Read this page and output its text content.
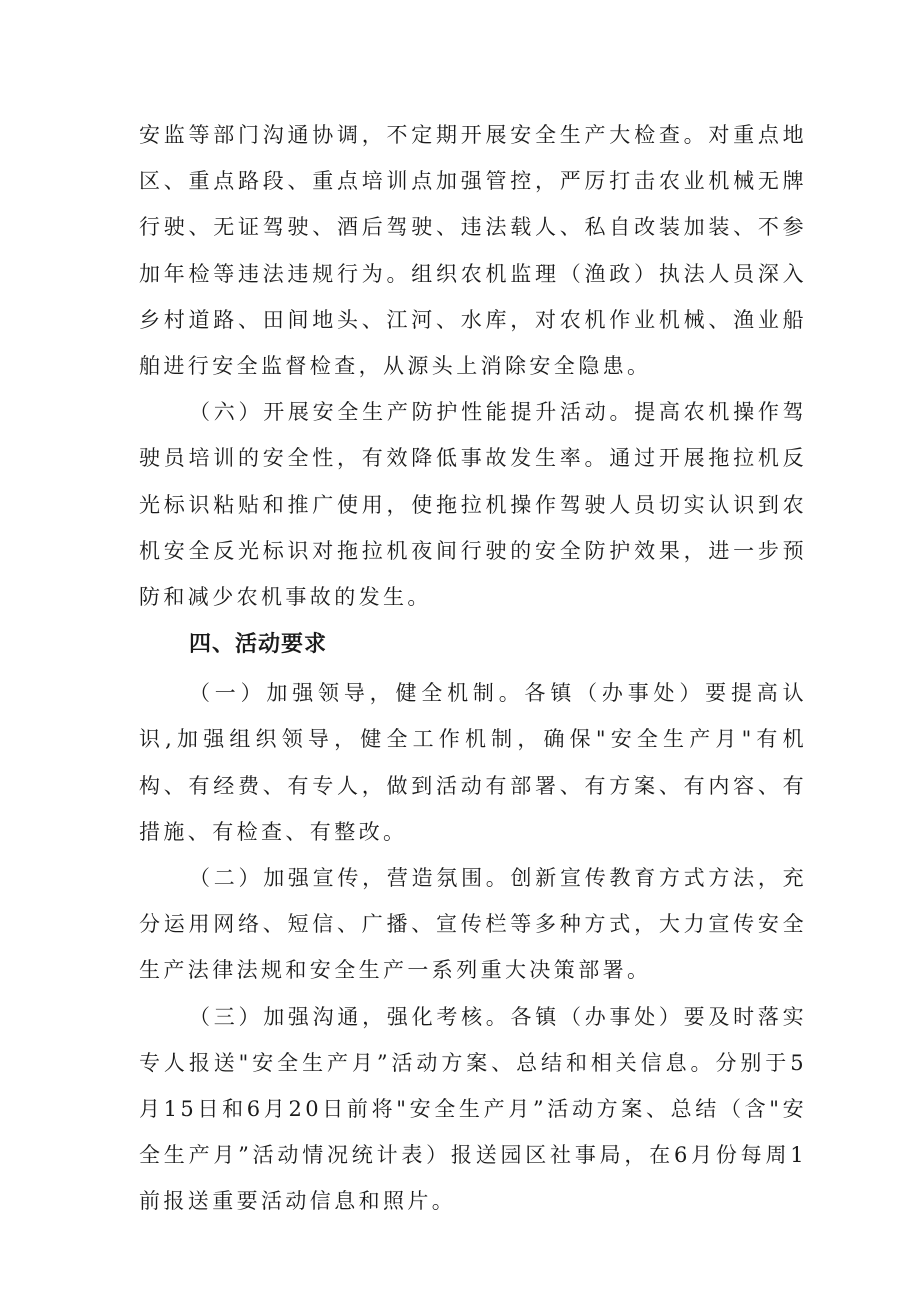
安监等部门沟通协调，不定期开展安全生产大检查。对重点地区、重点路段、重点培训点加强管控，严厉打击农业机械无牌行驶、无证驾驶、酒后驾驶、违法载人、私自改装加装、不参加年检等违法违规行为。组织农机监理（渔政）执法人员深入乡村道路、田间地头、江河、水库，对农机作业机械、渔业船舶进行安全监督检查，从源头上消除安全隐患。

（六）开展安全生产防护性能提升活动。提高农机操作驾驶员培训的安全性，有效降低事故发生率。通过开展拖拉机反光标识粘贴和推广使用，使拖拉机操作驾驶人员切实认识到农机安全反光标识对拖拉机夜间行驶的安全防护效果，进一步预防和减少农机事故的发生。

四、活动要求

（一）加强领导，健全机制。各镇（办事处）要提高认识,加强组织领导，健全工作机制，确保"安全生产月"有机构、有经费、有专人，做到活动有部署、有方案、有内容、有措施、有检查、有整改。

（二）加强宣传，营造氛围。创新宣传教育方式方法，充分运用网络、短信、广播、宣传栏等多种方式，大力宣传安全生产法律法规和安全生产一系列重大决策部署。

（三）加强沟通，强化考核。各镇（办事处）要及时落实专人报送"安全生产月”活动方案、总结和相关信息。分别于5月15日和6月20日前将"安全生产月”活动方案、总结（含"安全生产月”活动情况统计表）报送园区社事局，在6月份每周1前报送重要活动信息和照片。
